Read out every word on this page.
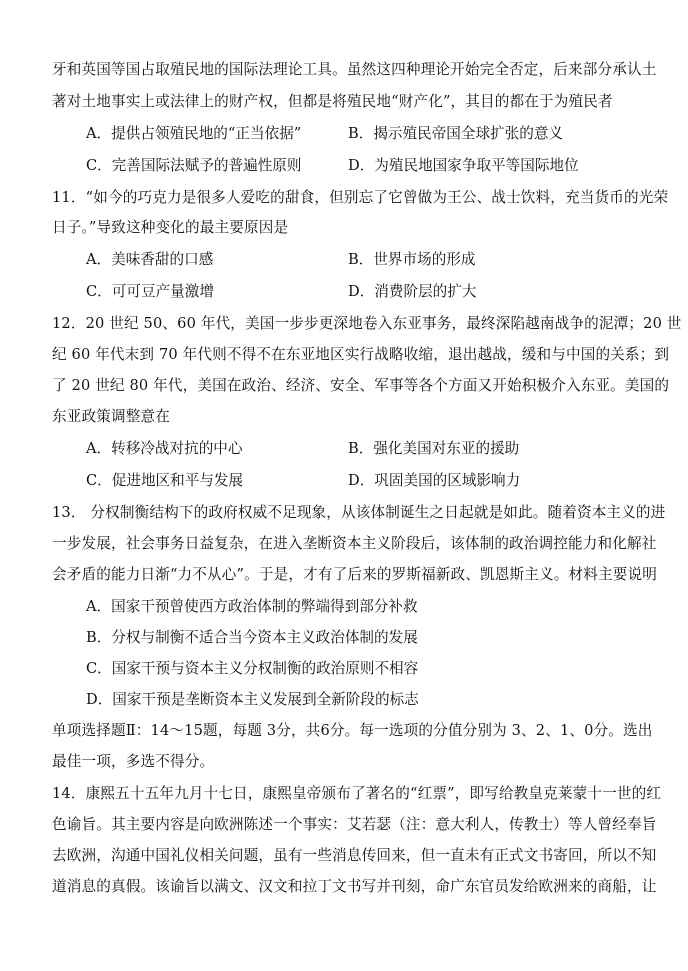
牙和英国等国占取殖民地的国际法理论工具。虽然这四种理论开始完全否定，后来部分承认土
著对土地事实上或法律上的财产权，但都是将殖民地“财产化”，其目的都在于为殖民者
A．提供占领殖民地的“正当依据”	B．揭示殖民帝国全球扩张的意义
C．完善国际法赋予的普遍性原则	D．为殖民地国家争取平等国际地位
11．“如今的巧克力是很多人爱吃的甜食，但别忘了它曾做为王公、战士饮料，充当货币的光荣
日子。”导致这种变化的最主要原因是
A．美味香甜的口感	B．世界市场的形成
C．可可豆产量激增	D．消费阶层的扩大
12．20 世纪 50、60 年代，美国一步步更深地卷入东亚事务，最终深陷越南战争的泥潭；20 世
纪 60 年代末到 70 年代则不得不在东亚地区实行战略收缩，退出越战，缓和与中国的关系；到
了 20 世纪 80 年代，美国在政治、经济、安全、军事等各个方面又开始积极介入东亚。美国的
东亚政策调整意在
A．转移冷战对抗的中心	B．强化美国对东亚的援助
C．促进地区和平与发展	D．巩固美国的区域影响力
13． 分权制衡结构下的政府权威不足现象，从该体制诞生之日起就是如此。随着资本主义的进
一步发展，社会事务日益复杂，在进入垄断资本主义阶段后，该体制的政治调控能力和化解社
会矛盾的能力日渐“力不从心”。于是，才有了后来的罗斯福新政、凯恩斯主义。材料主要说明
A．国家干预曾使西方政治体制的弊端得到部分补救
B．分权与制衡不适合当今资本主义政治体制的发展
C．国家干预与资本主义分权制衡的政治原则不相容
D．国家干预是垄断资本主义发展到全新阶段的标志
单项选择题Ⅱ：14～15题，每题 3分，共6分。每一选项的分值分别为 3、2、1、0分。选出
最佳一项，多选不得分。
14．康熙五十五年九月十七日，康熙皇帝颁布了著名的“红票”，即写给教皇克莱蒙十一世的红
色谕旨。其主要内容是向欧洲陈述一个事实：艾若瑟（注：意大利人，传教士）等人曾经奉旨
去欧洲，沟通中国礼仪相关问题，虽有一些消息传回来，但一直未有正式文书寄回，所以不知
道消息的真假。该谕旨以满文、汉文和拉丁文书写并刊刻，命广东官员发给欧洲来的商船，让
